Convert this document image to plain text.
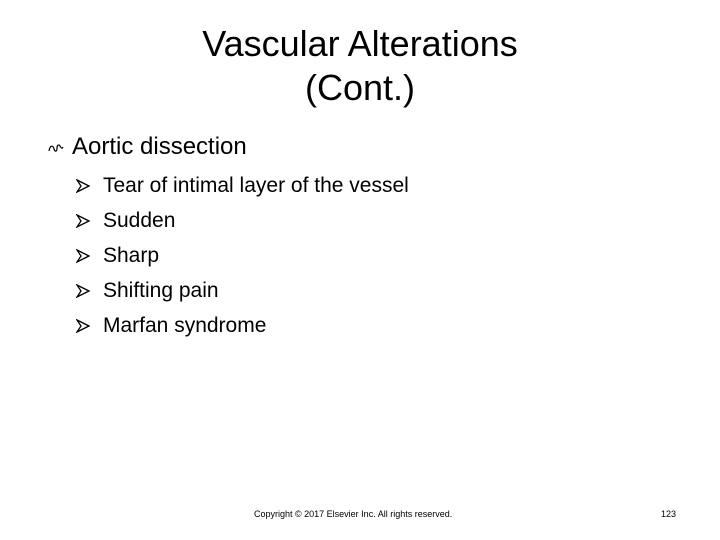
Vascular Alterations
(Cont.)
Aortic dissection
Tear of intimal layer of the vessel
Sudden
Sharp
Shifting pain
Marfan syndrome
Copyright © 2017 Elsevier Inc. All rights reserved.	123
